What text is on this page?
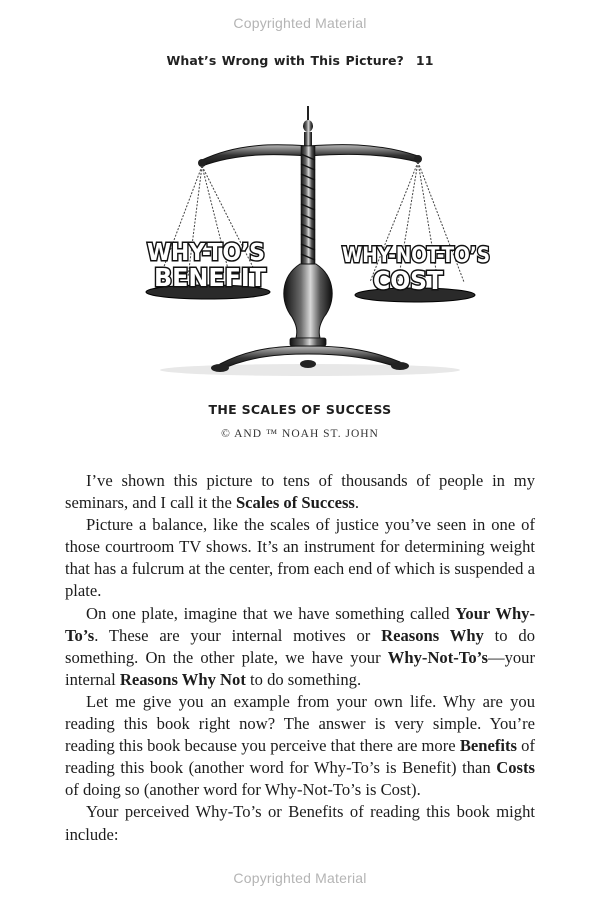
Copyrighted Material
What’s Wrong with This Picture? 11
WHY-TO’S
BENEFIT
WHY-NOT-TO’S
COST
THE SCALES OF SUCCESS
© AND ™ NOAH ST. JOHN

I’ve shown this picture to tens of thousands of people in my seminars, and I call it the Scales of Success.

Picture a balance, like the scales of justice you’ve seen in one of those courtroom TV shows. It’s an instrument for determining weight that has a fulcrum at the center, from each end of which is suspended a plate.

On one plate, imagine that we have something called Your Why-To’s. These are your internal motives or Reasons Why to do something. On the other plate, we have your Why-Not-To’s—your internal Reasons Why Not to do something.

Let me give you an example from your own life. Why are you reading this book right now? The answer is very simple. You’re reading this book because you perceive that there are more Benefits of reading this book (another word for Why-To’s is Benefit) than Costs of doing so (another word for Why-Not-To’s is Cost).

Your perceived Why-To’s or Benefits of reading this book might include:

Copyrighted Material
